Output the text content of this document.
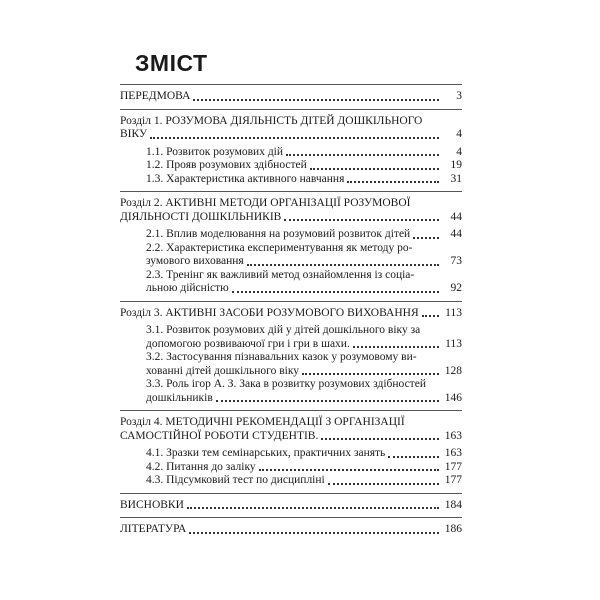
ЗМІСТ
ПЕРЕДМОВА	3
Розділ 1. РОЗУМОВА ДІЯЛЬНІСТЬ ДІТЕЙ ДОШКІЛЬНОГО
ВІКУ	4
1.1. Розвиток розумових дій	4
1.2. Прояв розумових здібностей	19
1.3. Характеристика активного навчання	31
Розділ 2. АКТИВНІ МЕТОДИ ОРГАНІЗАЦІЇ РОЗУМОВОЇ
ДІЯЛЬНОСТІ ДОШКІЛЬНИКІВ	44
2.1. Вплив моделювання на розумовий розвиток дітей	44
2.2. Характеристика експериментування як методу ро-
зумового виховання	73
2.3. Тренінг як важливий метод ознайомлення із соціа-
льною дійсністю	92
Розділ 3. АКТИВНІ ЗАСОБИ РОЗУМОВОГО ВИХОВАННЯ 113
3.1. Розвиток розумових дій у дітей дошкільного віку за
допомогою розвиваючої гри і гри в шахи.	113
3.2. Застосування пізнавальних казок у розумовому ви-
хованні дітей дошкільного віку	128
3.3. Роль ігор А. З. Зака в розвитку розумових здібностей
дошкільників	146
Розділ 4. МЕТОДИЧНІ РЕКОМЕНДАЦІЇ З ОРГАНІЗАЦІЇ
САМОСТІЙНОЇ РОБОТИ СТУДЕНТІВ.	163
4.1. Зразки тем семінарських, практичних занять	163
4.2. Питання до заліку	177
4.3. Підсумковий тест по дисципліні	177
ВИСНОВКИ	184
ЛІТЕРАТУРА	186
